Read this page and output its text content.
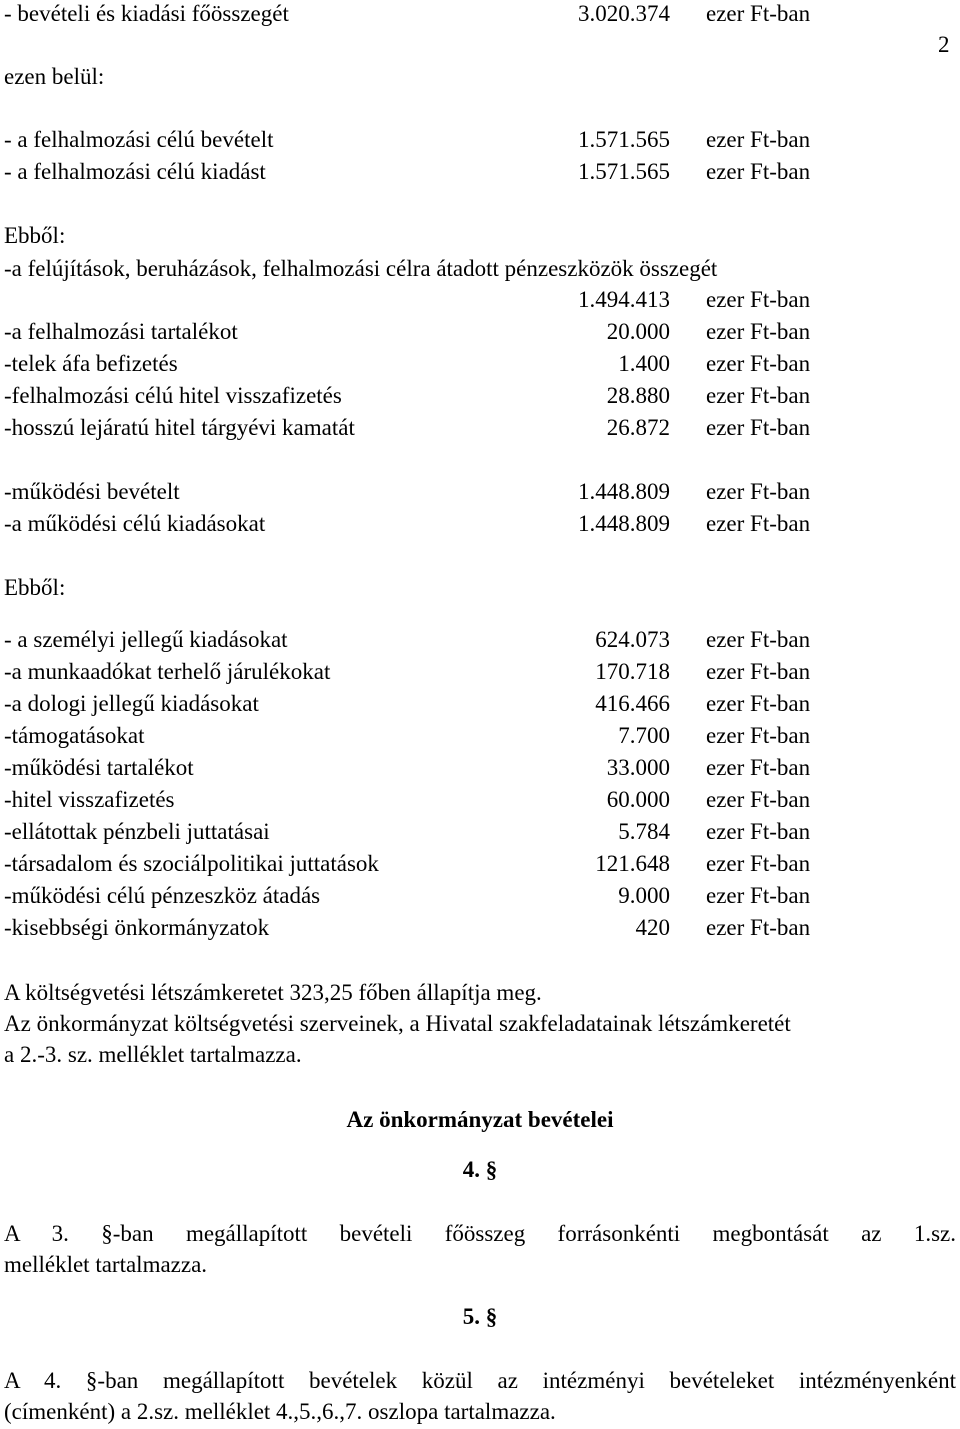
2
- bevételi és kiadási főösszegét	3.020.374 ezer Ft-ban
ezen belül:
- a felhalmozási célú bevételt	1.571.565 ezer Ft-ban
- a felhalmozási célú kiadást	1.571.565 ezer Ft-ban
Ebből:
-a felújítások, beruházások, felhalmozási célra átadott pénzeszközök összegét
1.494.413 ezer Ft-ban
-a felhalmozási tartalékot	20.000 ezer Ft-ban
-telek áfa befizetés	1.400 ezer Ft-ban
-felhalmozási célú hitel visszafizetés	28.880 ezer Ft-ban
-hosszú lejáratú hitel tárgyévi kamatát	26.872 ezer Ft-ban
-működési bevételt	1.448.809 ezer Ft-ban
-a működési célú kiadásokat	1.448.809 ezer Ft-ban
Ebből:
- a személyi jellegű kiadásokat	624.073 ezer Ft-ban
-a munkaadókat terhelő járulékokat	170.718 ezer Ft-ban
-a dologi jellegű kiadásokat	416.466 ezer Ft-ban
-támogatásokat	7.700 ezer Ft-ban
-működési tartalékot	33.000 ezer Ft-ban
-hitel visszafizetés	60.000 ezer Ft-ban
-ellátottak pénzbeli juttatásai	5.784 ezer Ft-ban
-társadalom és szociálpolitikai juttatások	121.648 ezer Ft-ban
-működési célú pénzeszköz átadás	9.000 ezer Ft-ban
-kisebbségi önkormányzatok	420 ezer Ft-ban
A költségvetési létszámkeretet 323,25 főben állapítja meg.
Az önkormányzat költségvetési szerveinek, a Hivatal szakfeladatainak létszámkeretét
a 2.-3. sz. melléklet tartalmazza.
Az önkormányzat bevételei
4. §
A 3. §-ban megállapított bevételi főösszeg forrásonkénti megbontását az 1.sz.
melléklet tartalmazza.
5. §
A 4. §-ban megállapított bevételek közül az intézményi bevételeket intézményenként
(címenként) a 2.sz. melléklet 4.,5.,6.,7. oszlopa tartalmazza.
